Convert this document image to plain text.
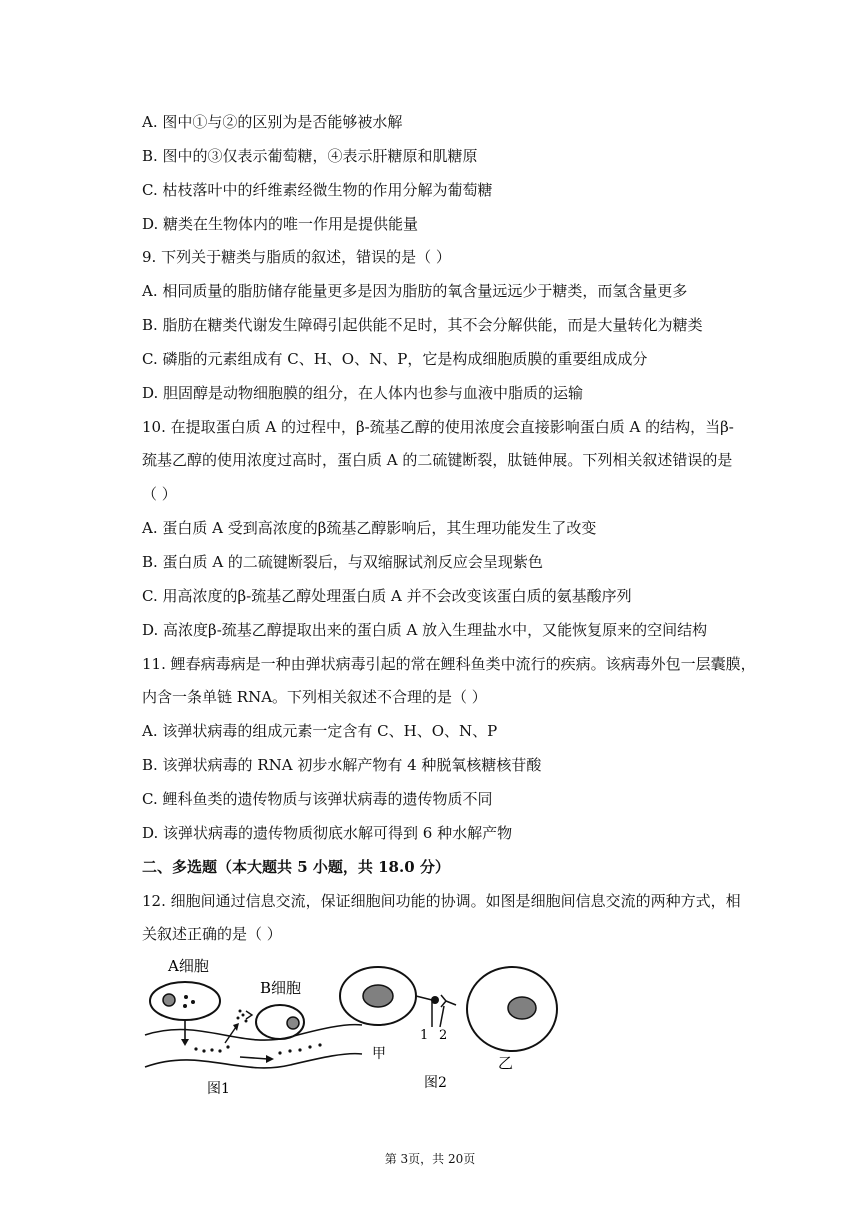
A. 图中①与②的区别为是否能够被水解
B. 图中的③仅表示葡萄糖，④表示肝糖原和肌糖原
C. 枯枝落叶中的纤维素经微生物的作用分解为葡萄糖
D. 糖类在生物体内的唯一作用是提供能量
9. 下列关于糖类与脂质的叙述，错误的是（ ）
A. 相同质量的脂肪储存能量更多是因为脂肪的氧含量远远少于糖类，而氢含量更多
B. 脂肪在糖类代谢发生障碍引起供能不足时，其不会分解供能，而是大量转化为糖类
C. 磷脂的元素组成有 C、H、O、N、P，它是构成细胞质膜的重要组成成分
D. 胆固醇是动物细胞膜的组分，在人体内也参与血液中脂质的运输
10. 在提取蛋白质 A 的过程中，β-巯基乙醇的使用浓度会直接影响蛋白质 A 的结构，当β-
巯基乙醇的使用浓度过高时，蛋白质 A 的二硫键断裂，肽链伸展。下列相关叙述错误的是
（ ）
A. 蛋白质 A 受到高浓度的β巯基乙醇影响后，其生理功能发生了改变
B. 蛋白质 A 的二硫键断裂后，与双缩脲试剂反应会呈现紫色
C. 用高浓度的β-巯基乙醇处理蛋白质 A 并不会改变该蛋白质的氨基酸序列
D. 高浓度β-巯基乙醇提取出来的蛋白质 A 放入生理盐水中，又能恢复原来的空间结构
11. 鲤春病毒病是一种由弹状病毒引起的常在鲤科鱼类中流行的疾病。该病毒外包一层囊膜，
内含一条单链 RNA。下列相关叙述不合理的是（ ）
A. 该弹状病毒的组成元素一定含有 C、H、O、N、P
B. 该弹状病毒的 RNA 初步水解产物有 4 种脱氧核糖核苷酸
C. 鲤科鱼类的遗传物质与该弹状病毒的遗传物质不同
D. 该弹状病毒的遗传物质彻底水解可得到 6 种水解产物
二、多选题（本大题共 5 小题，共 18.0 分）
12. 细胞间通过信息交流，保证细胞间功能的协调。如图是细胞间信息交流的两种方式，相
关叙述正确的是（ ）
A细胞
B细胞
图1
1 2
甲	乙
图2
第 3页，共 20页
